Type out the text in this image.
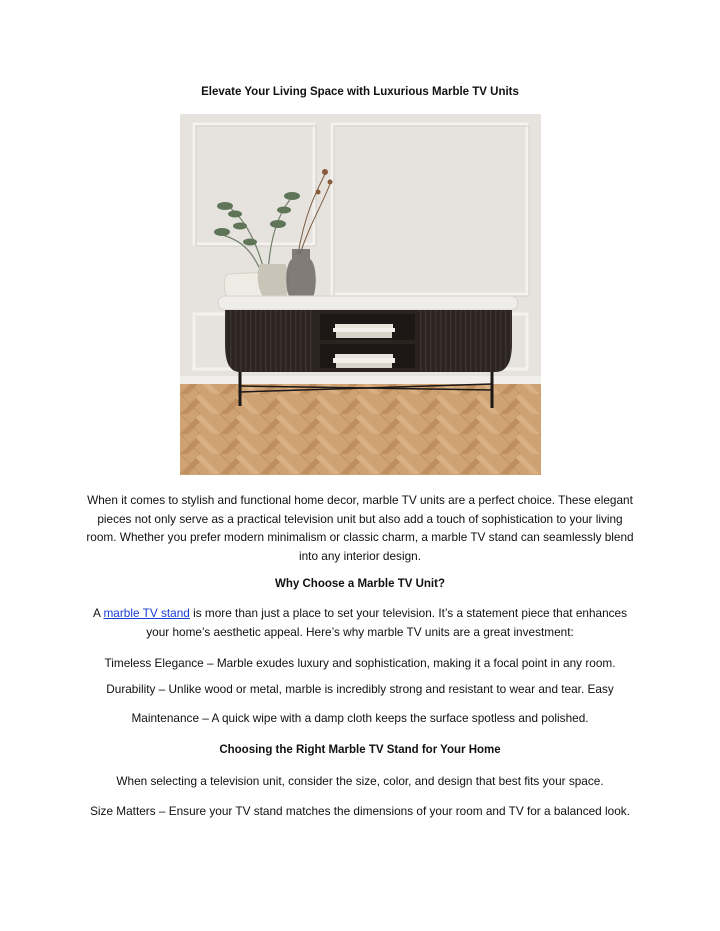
Elevate Your Living Space with Luxurious Marble TV Units
When it comes to stylish and functional home decor, marble TV units are a perfect choice. These elegant pieces not only serve as a practical television unit but also add a touch of sophistication to your living room. Whether you prefer modern minimalism or classic charm, a marble TV stand can seamlessly blend into any interior design.
Why Choose a Marble TV Unit?
A marble TV stand is more than just a place to set your television. It’s a statement piece that enhances your home’s aesthetic appeal. Here’s why marble TV units are a great investment:
Timeless Elegance – Marble exudes luxury and sophistication, making it a focal point in any room.
Durability – Unlike wood or metal, marble is incredibly strong and resistant to wear and tear. Easy
Maintenance – A quick wipe with a damp cloth keeps the surface spotless and polished.
Choosing the Right Marble TV Stand for Your Home
When selecting a television unit, consider the size, color, and design that best fits your space.
Size Matters – Ensure your TV stand matches the dimensions of your room and TV for a balanced look.
